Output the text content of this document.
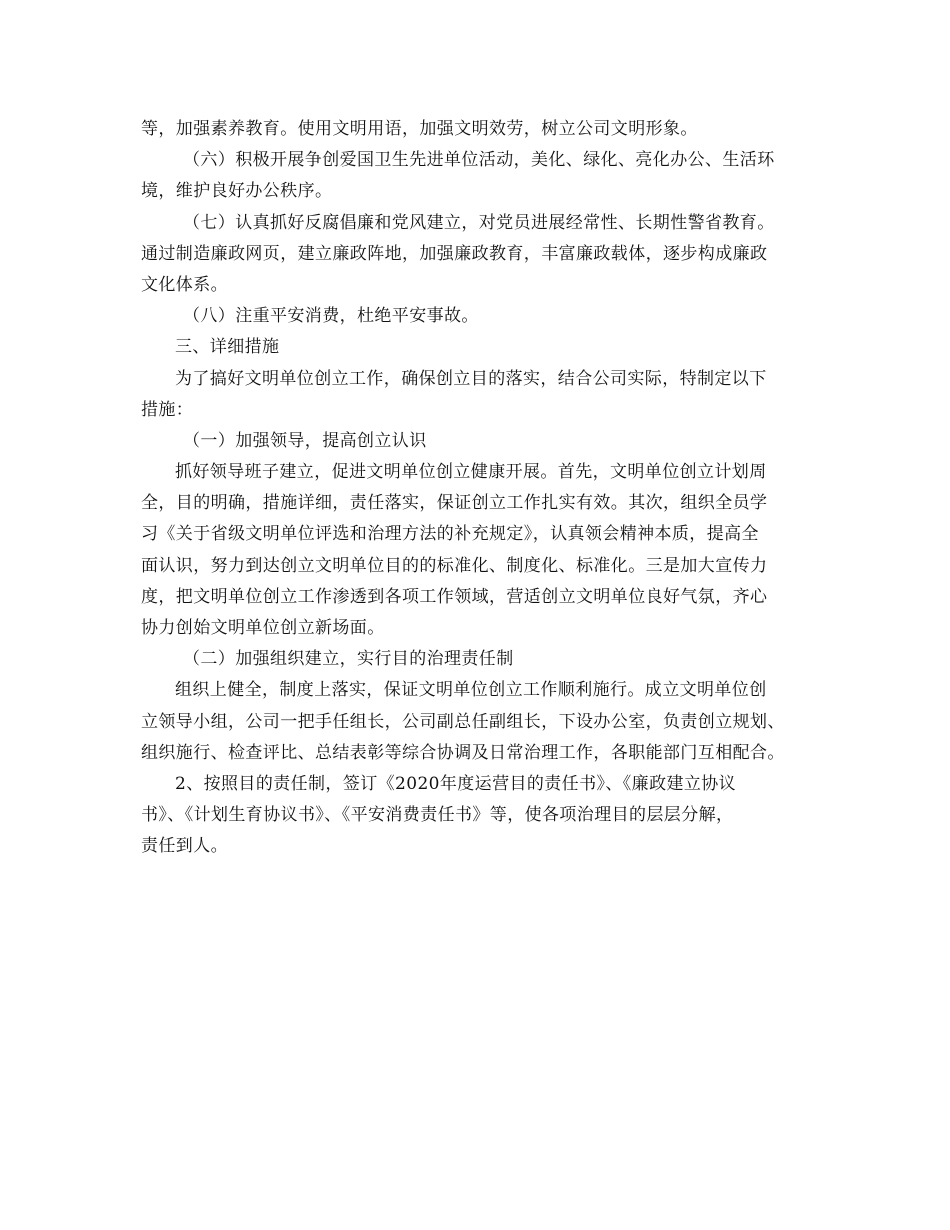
等，加强素养教育。使用文明用语，加强文明效劳，树立公司文明形象。
（六）积极开展争创爱国卫生先进单位活动，美化、绿化、亮化办公、生活环
境，维护良好办公秩序。
（七）认真抓好反腐倡廉和党风建立，对党员进展经常性、长期性警省教育。
通过制造廉政网页，建立廉政阵地，加强廉政教育，丰富廉政载体，逐步构成廉政
文化体系。
（八）注重平安消费，杜绝平安事故。
三、详细措施
为了搞好文明单位创立工作，确保创立目的落实，结合公司实际，特制定以下
措施：
（一）加强领导，提高创立认识
抓好领导班子建立，促进文明单位创立健康开展。首先，文明单位创立计划周
全，目的明确，措施详细，责任落实，保证创立工作扎实有效。其次，组织全员学
习《关于省级文明单位评选和治理方法的补充规定》，认真领会精神本质，提高全
面认识，努力到达创立文明单位目的的标准化、制度化、标准化。三是加大宣传力
度，把文明单位创立工作渗透到各项工作领域，营适创立文明单位良好气氛，齐心
协力创始文明单位创立新场面。
（二）加强组织建立，实行目的治理责任制
组织上健全，制度上落实，保证文明单位创立工作顺利施行。成立文明单位创
立领导小组，公司一把手任组长，公司副总任副组长，下设办公室，负责创立规划、
组织施行、检查评比、总结表彰等综合协调及日常治理工作，各职能部门互相配合。
2、按照目的责任制，签订《2020年度运营目的责任书》、《廉政建立协议
书》、《计划生育协议书》、《平安消费责任书》等，使各项治理目的层层分解，
责任到人。
